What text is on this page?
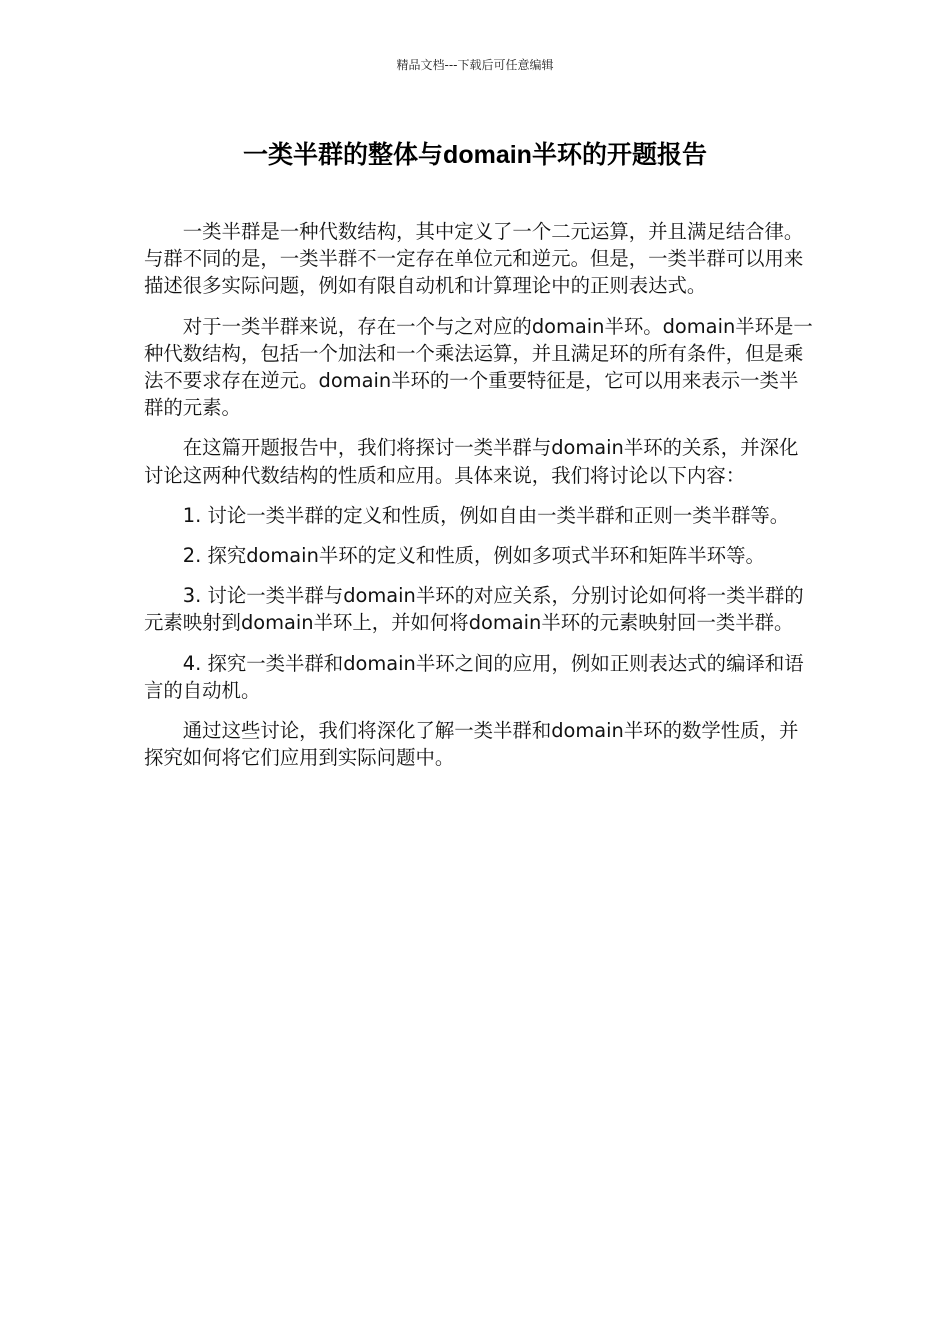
精品文档---下载后可任意编辑
一类半群的整体与domain半环的开题报告

一类半群是一种代数结构，其中定义了一个二元运算，并且满足结合律。与群不同的是，一类半群不一定存在单位元和逆元。但是，一类半群可以用来描述很多实际问题，例如有限自动机和计算理论中的正则表达式。

对于一类半群来说，存在一个与之对应的domain半环。domain半环是一种代数结构，包括一个加法和一个乘法运算，并且满足环的所有条件，但是乘法不要求存在逆元。domain半环的一个重要特征是，它可以用来表示一类半群的元素。

在这篇开题报告中，我们将探讨一类半群与domain半环的关系，并深化讨论这两种代数结构的性质和应用。具体来说，我们将讨论以下内容：

1. 讨论一类半群的定义和性质，例如自由一类半群和正则一类半群等。

2. 探究domain半环的定义和性质，例如多项式半环和矩阵半环等。

3. 讨论一类半群与domain半环的对应关系，分别讨论如何将一类半群的元素映射到domain半环上，并如何将domain半环的元素映射回一类半群。

4. 探究一类半群和domain半环之间的应用，例如正则表达式的编译和语言的自动机。

通过这些讨论，我们将深化了解一类半群和domain半环的数学性质，并探究如何将它们应用到实际问题中。
